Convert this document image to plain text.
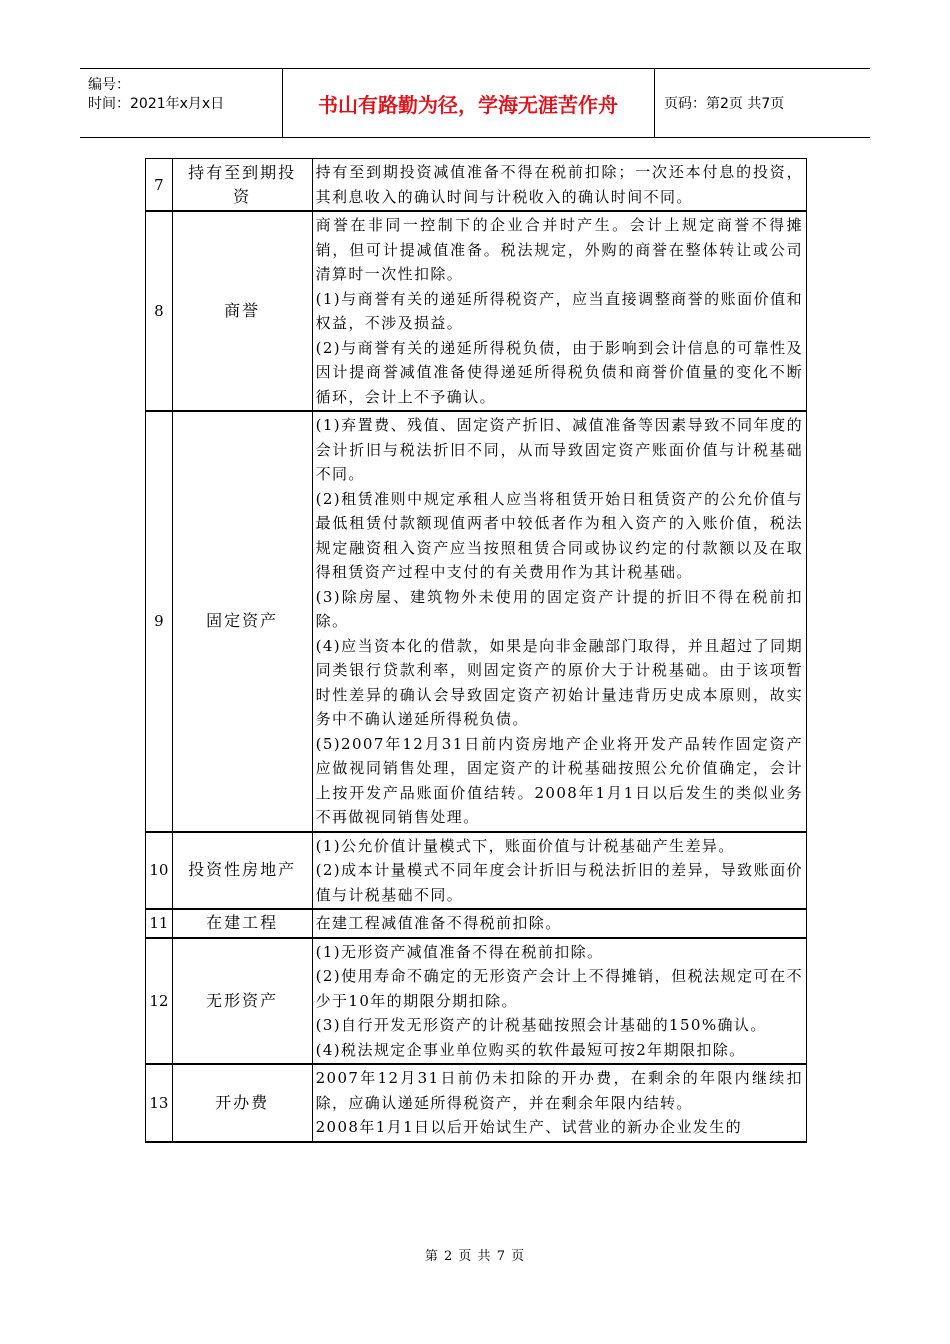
编号：
时间：2021年x月x日	书山有路勤为径，学海无涯苦作舟	页码：第2页 共7页
7	持有至到期投资	持有至到期投资减值准备不得在税前扣除；一次还本付息的投资，其利息收入的确认时间与计税收入的确认时间不同。

8	商誉	商誉在非同一控制下的企业合并时产生。会计上规定商誉不得摊销，但可计提减值准备。税法规定，外购的商誉在整体转让或公司清算时一次性扣除。

(1)与商誉有关的递延所得税资产，应当直接调整商誉的账面价值和权益，不涉及损益。

(2)与商誉有关的递延所得税负债，由于影响到会计信息的可靠性及因计提商誉减值准备使得递延所得税负债和商誉价值量的变化不断循环，会计上不予确认。

9	固定资产	(1)弃置费、残值、固定资产折旧、减值准备等因素导致不同年度的会计折旧与税法折旧不同，从而导致固定资产账面价值与计税基础不同。

(2)租赁准则中规定承租人应当将租赁开始日租赁资产的公允价值与最低租赁付款额现值两者中较低者作为租入资产的入账价值，税法规定融资租入资产应当按照租赁合同或协议约定的付款额以及在取得租赁资产过程中支付的有关费用作为其计税基础。

(3)除房屋、建筑物外未使用的固定资产计提的折旧不得在税前扣除。

(4)应当资本化的借款，如果是向非金融部门取得，并且超过了同期同类银行贷款利率，则固定资产的原价大于计税基础。由于该项暂时性差异的确认会导致固定资产初始计量违背历史成本原则，故实务中不确认递延所得税负债。

(5)2007年12月31日前内资房地产企业将开发产品转作固定资产应做视同销售处理，固定资产的计税基础按照公允价值确定，会计上按开发产品账面价值结转。2008年1月1日以后发生的类似业务不再做视同销售处理。

10	投资性房地产	(1)公允价值计量模式下，账面价值与计税基础产生差异。

(2)成本计量模式不同年度会计折旧与税法折旧的差异，导致账面价值与计税基础不同。

11	在建工程	在建工程减值准备不得税前扣除。

12	无形资产	(1)无形资产减值准备不得在税前扣除。

(2)使用寿命不确定的无形资产会计上不得摊销，但税法规定可在不少于10年的期限分期扣除。

(3)自行开发无形资产的计税基础按照会计基础的150%确认。

(4)税法规定企事业单位购买的软件最短可按2年期限扣除。

13	开办费	2007年12月31日前仍未扣除的开办费，在剩余的年限内继续扣除，应确认递延所得税资产，并在剩余年限内结转。

2008年1月1日以后开始试生产、试营业的新办企业发生的

第 2 页 共 7 页
